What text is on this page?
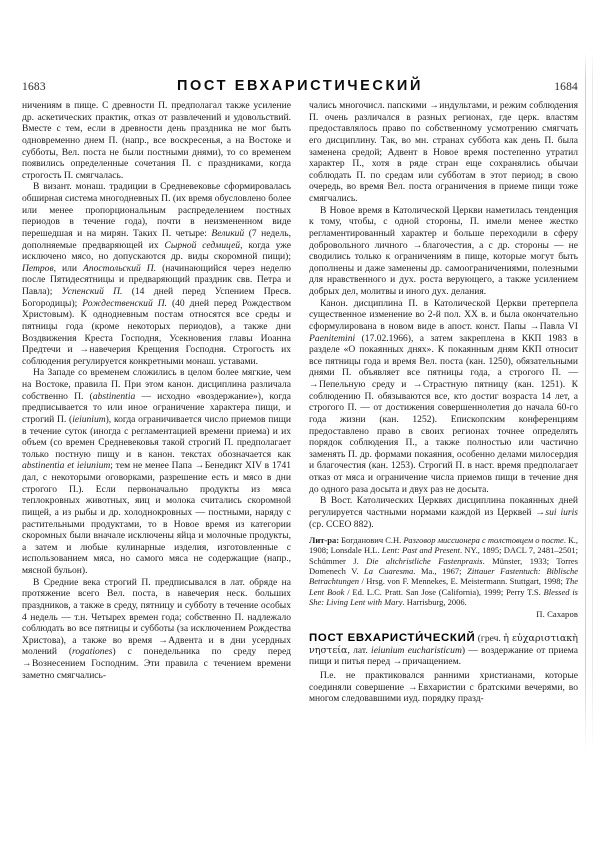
1683	ПОСТ ЕВХАРИСТИЧЕСКИЙ	1684

ничениям в пище. С древности П. предполагал также усиление др. аскетических практик, отказ от развлечений и удовольствий. Вместе с тем, если в древности день праздника не мог быть одновременно днем П. (напр., все воскресенья, а на Востоке и субботы, Вел. поста не были постными днями), то со временем появились определенные сочетания П. с праздниками, когда строгость П. смягчалась.

В визант. монаш. традиции в Средневековье сформировалась обширная система многодневных П. (их время обусловлено более или менее пропорциональным распределением постных периодов в течение года), почти в неизмененном виде перешедшая и на мирян. Таких П. четыре: Великий (7 недель, дополняемые предваряющей их Сырной седмицей, когда уже исключено мясо, но допускаются др. виды скоромной пищи); Петров, или Апостольский П. (начинающийся через неделю после Пятидесятницы и предваряющий праздник свв. Петра и Павла); Успенский П. (14 дней перед Успением Пресв. Богородицы); Рождественский П. (40 дней перед Рождеством Христовым). К однодневным постам относятся все среды и пятницы года (кроме некоторых периодов), а также дни Воздвижения Креста Господня, Усекновения главы Иоанна Предтечи и → навечерия Крещения Господня. Строгость их соблюдения регулируется конкретными монаш. уставами.

На Западе со временем сложились в целом более мягкие, чем на Востоке, правила П. При этом канон. дисциплина различала собственно П. (abstinentia — исходно «воздержание»), когда предписывается то или иное ограничение характера пищи, и строгий П. (ieiunium), когда ограничивается число приемов пищи в течение суток (иногда с регламентацией времени приема) и их объем (со времен Средневековья такой строгий П. предполагает только постную пищу и в канон. текстах обозначается как abstinentia et ieiunium; тем не менее Папа → Бенедикт XIV в 1741 дал, с некоторыми оговорками, разрешение есть и мясо в дни строгого П.). Если первоначально продукты из мяса теплокровных животных, яиц и молока считались скоромной пищей, а из рыбы и др. холоднокровных — постными, наряду с растительными продуктами, то в Новое время из категории скоромных были вначале исключены яйца и молочные продукты, а затем и любые кулинарные изделия, изготовленные с использованием мяса, но самого мяса не содержащие (напр., мясной бульон).

В Средние века строгий П. предписывался в лат. обряде на протяжение всего Вел. поста, в навечерия неск. больших праздников, а также в среду, пятницу и субботу в течение особых 4 недель — т.н. Четырех времен года; собственно П. надлежало соблюдать во все пятницы и субботы (за исключением Рождества Христова), а также во время → Адвента и в дни усердных молений (rogationes) с понедельника по среду перед → Вознесением Господним. Эти правила с течением времени заметно смягчались-

чались многочисл. папскими → индультами, и режим соблюдения П. очень различался в разных регионах, где церк. властям предоставлялось право по собственному усмотрению смягчать его дисциплину. Так, во мн. странах суббота как день П. была заменена средой; Адвент в Новое время постепенно утратил характер П., хотя в ряде стран еще сохранялись обычаи соблюдать П. по средам или субботам в этот период; в свою очередь, во время Вел. поста ограничения в приеме пищи тоже смягчались.

В Новое время в Католической Церкви наметилась тенденция к тому, чтобы, с одной стороны, П. имели менее жестко регламентированный характер и больше переходили в сферу добровольного личного → благочестия, а с др. стороны — не сводились только к ограничениям в пище, которые могут быть дополнены и даже заменены др. самоограничениями, полезными для нравственного и дух. роста верующего, а также усилением добрых дел, молитвы и иного дух. делания.

Канон. дисциплина П. в Католической Церкви претерпела существенное изменение во 2-й пол. XX в. и была окончательно сформулирована в новом виде в апост. конст. Папы → Павла VI Paenitemini (17.02.1966), а затем закреплена в ККП 1983 в разделе «О покаянных днях». К покаянным дням ККП относит все пятницы года и время Вел. поста (кан. 1250), обязательными днями П. объявляет все пятницы года, а строгого П. — → Пепельную среду и → Страстную пятницу (кан. 1251). К соблюдению П. обязываются все, кто достиг возраста 14 лет, а строгого П. — от достижения совершеннолетия до начала 60-го года жизни (кан. 1252). Епископским конференциям предоставлено право в своих регионах точнее определять порядок соблюдения П., а также полностью или частично заменять П. др. формами покаяния, особенно делами милосердия и благочестия (кан. 1253). Строгий П. в наст. время предполагает отказ от мяса и ограничение числа приемов пищи в течение дня до одного раза досыта и двух раз не досыта.

В Вост. Католических Церквях дисциплина покаянных дней регулируется частными нормами каждой из Церквей → sui iuris (ср. ССЕО 882).

Лит-ра: Богданович С.Н. Разговор миссионера с толстовцем о посте. К., 1908; Lonsdale H.L. Lent: Past and Present. NY., 1895; DACL 7, 2481–2501; Schümmer J. Die altchristliche Fastenpraxis. Münster, 1933; Torres Domenech V. La Cuaresma. Ma., 1967; Zittauer Fastentuch: Biblische Betrachtungen / Hrsg. von F. Mennekes, E. Meistermann. Stuttgart, 1998; The Lent Book / Ed. L.C. Pratt. San Jose (California), 1999; Perry T.S. Blessed is She: Living Lent with Mary. Harrisburg, 2006.

П. Сахаров

ПОСТ ЕВХАРИСТИ́ЧЕСКИЙ (греч. ἡ εὐχαριστιακὴ νηστεία, лат. ieiunium eucharisticum) — воздержание от приема пищи и питья перед → причащением.

П.е. не практиковался ранними христианами, которые соединяли совершение → Евхаристии с братскими вечерями, во многом следовавшими иуд. порядку празд-
